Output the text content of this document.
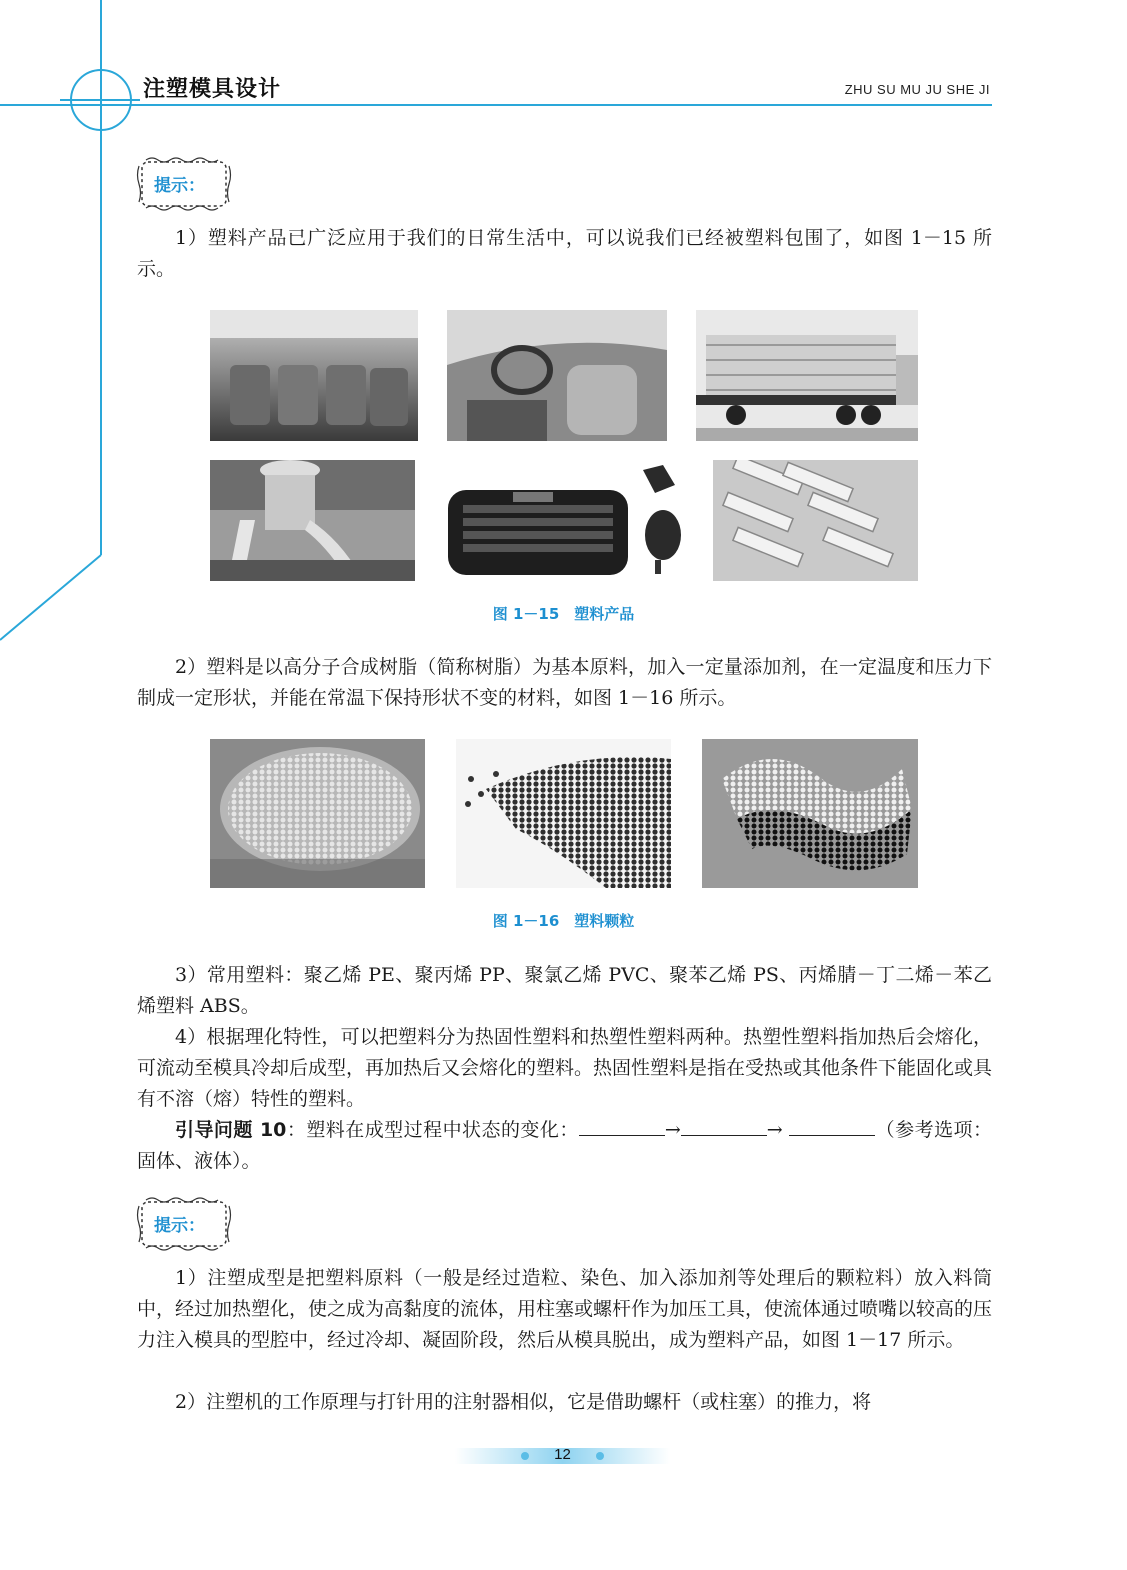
注塑模具设计	ZHU SU MU JU SHE JI
提示：

1）塑料产品已广泛应用于我们的日常生活中，可以说我们已经被塑料包围了，如图 1－15 所示。

图 1－15　塑料产品

2）塑料是以高分子合成树脂（简称树脂）为基本原料，加入一定量添加剂，在一定温度和压力下制成一定形状，并能在常温下保持形状不变的材料，如图 1－16 所示。

图 1－16　塑料颗粒

3）常用塑料：聚乙烯 PE、聚丙烯 PP、聚氯乙烯 PVC、聚苯乙烯 PS、丙烯腈－丁二烯－苯乙烯塑料 ABS。

4）根据理化特性，可以把塑料分为热固性塑料和热塑性塑料两种。热塑性塑料指加热后会熔化，可流动至模具冷却后成型，再加热后又会熔化的塑料。热固性塑料是指在受热或其他条件下能固化或具有不溶（熔）特性的塑料。

引导问题 10：塑料在成型过程中状态的变化：	→	→	（参考选项：固体、液体）。

提示：

1）注塑成型是把塑料原料（一般是经过造粒、染色、加入添加剂等处理后的颗粒料）放入料筒中，经过加热塑化，使之成为高黏度的流体，用柱塞或螺杆作为加压工具，使流体通过喷嘴以较高的压力注入模具的型腔中，经过冷却、凝固阶段，然后从模具脱出，成为塑料产品，如图 1－17 所示。

2）注塑机的工作原理与打针用的注射器相似，它是借助螺杆（或柱塞）的推力，将

12
